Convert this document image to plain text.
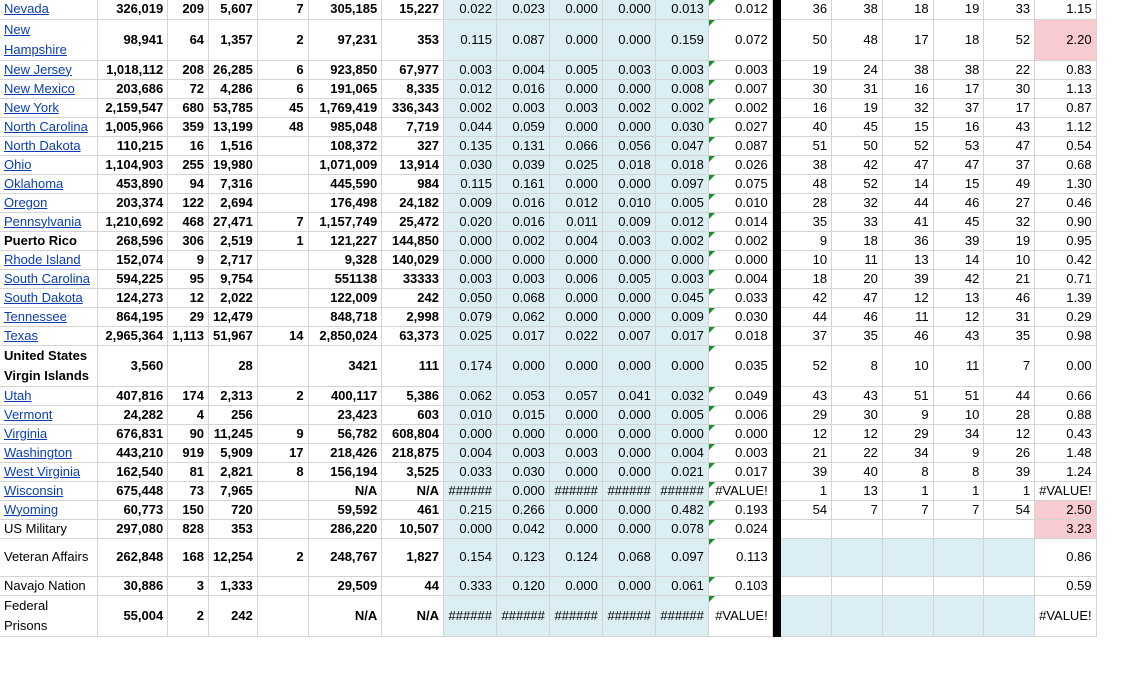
Nevada	326,019	209	5,607	7	305,185	15,227	0.022	0.023	0.000	0.000	0.013	0.012		36	38	18	19	33	1.15
New Hampshire	98,941	64	1,357	2	97,231	353	0.115	0.087	0.000	0.000	0.159	0.072		50	48	17	18	52	2.20
New Jersey	1,018,112	208	26,285	6	923,850	67,977	0.003	0.004	0.005	0.003	0.003	0.003		19	24	38	38	22	0.83
New Mexico	203,686	72	4,286	6	191,065	8,335	0.012	0.016	0.000	0.000	0.008	0.007		30	31	16	17	30	1.13
New York	2,159,547	680	53,785	45	1,769,419	336,343	0.002	0.003	0.003	0.002	0.002	0.002		16	19	32	37	17	0.87
North Carolina	1,005,966	359	13,199	48	985,048	7,719	0.044	0.059	0.000	0.000	0.030	0.027		40	45	15	16	43	1.12
North Dakota	110,215	16	1,516		108,372	327	0.135	0.131	0.066	0.056	0.047	0.087		51	50	52	53	47	0.54
Ohio	1,104,903	255	19,980		1,071,009	13,914	0.030	0.039	0.025	0.018	0.018	0.026		38	42	47	47	37	0.68
Oklahoma	453,890	94	7,316		445,590	984	0.115	0.161	0.000	0.000	0.097	0.075		48	52	14	15	49	1.30
Oregon	203,374	122	2,694		176,498	24,182	0.009	0.016	0.012	0.010	0.005	0.010		28	32	44	46	27	0.46
Pennsylvania	1,210,692	468	27,471	7	1,157,749	25,472	0.020	0.016	0.011	0.009	0.012	0.014		35	33	41	45	32	0.90
Puerto Rico	268,596	306	2,519	1	121,227	144,850	0.000	0.002	0.004	0.003	0.002	0.002		9	18	36	39	19	0.95
Rhode Island	152,074	9	2,717		9,328	140,029	0.000	0.000	0.000	0.000	0.000	0.000		10	11	13	14	10	0.42
South Carolina	594,225	95	9,754		551138	33333	0.003	0.003	0.006	0.005	0.003	0.004		18	20	39	42	21	0.71
South Dakota	124,273	12	2,022		122,009	242	0.050	0.068	0.000	0.000	0.045	0.033		42	47	12	13	46	1.39
Tennessee	864,195	29	12,479		848,718	2,998	0.079	0.062	0.000	0.000	0.009	0.030		44	46	11	12	31	0.29
Texas	2,965,364	1,113	51,967	14	2,850,024	63,373	0.025	0.017	0.022	0.007	0.017	0.018		37	35	46	43	35	0.98
United States Virgin Islands	3,560		28		3421	111	0.174	0.000	0.000	0.000	0.000	0.035		52	8	10	11	7	0.00
Utah	407,816	174	2,313	2	400,117	5,386	0.062	0.053	0.057	0.041	0.032	0.049		43	43	51	51	44	0.66
Vermont	24,282	4	256		23,423	603	0.010	0.015	0.000	0.000	0.005	0.006		29	30	9	10	28	0.88
Virginia	676,831	90	11,245	9	56,782	608,804	0.000	0.000	0.000	0.000	0.000	0.000		12	12	29	34	12	0.43
Washington	443,210	919	5,909	17	218,426	218,875	0.004	0.003	0.003	0.000	0.004	0.003		21	22	34	9	26	1.48
West Virginia	162,540	81	2,821	8	156,194	3,525	0.033	0.030	0.000	0.000	0.021	0.017		39	40	8	8	39	1.24
Wisconsin	675,448	73	7,965		N/A	N/A	######	0.000	######	######	######	#VALUE!		1	13	1	1	1	#VALUE!
Wyoming	60,773	150	720		59,592	461	0.215	0.266	0.000	0.000	0.482	0.193		54	7	7	7	54	2.50
US Military	297,080	828	353		286,220	10,507	0.000	0.042	0.000	0.000	0.078	0.024							3.23
Veteran Affairs	262,848	168	12,254	2	248,767	1,827	0.154	0.123	0.124	0.068	0.097	0.113							0.86
Navajo Nation	30,886	3	1,333		29,509	44	0.333	0.120	0.000	0.000	0.061	0.103							0.59
Federal Prisons	55,004	2	242		N/A	N/A	######	######	######	######	######	#VALUE!							#VALUE!
